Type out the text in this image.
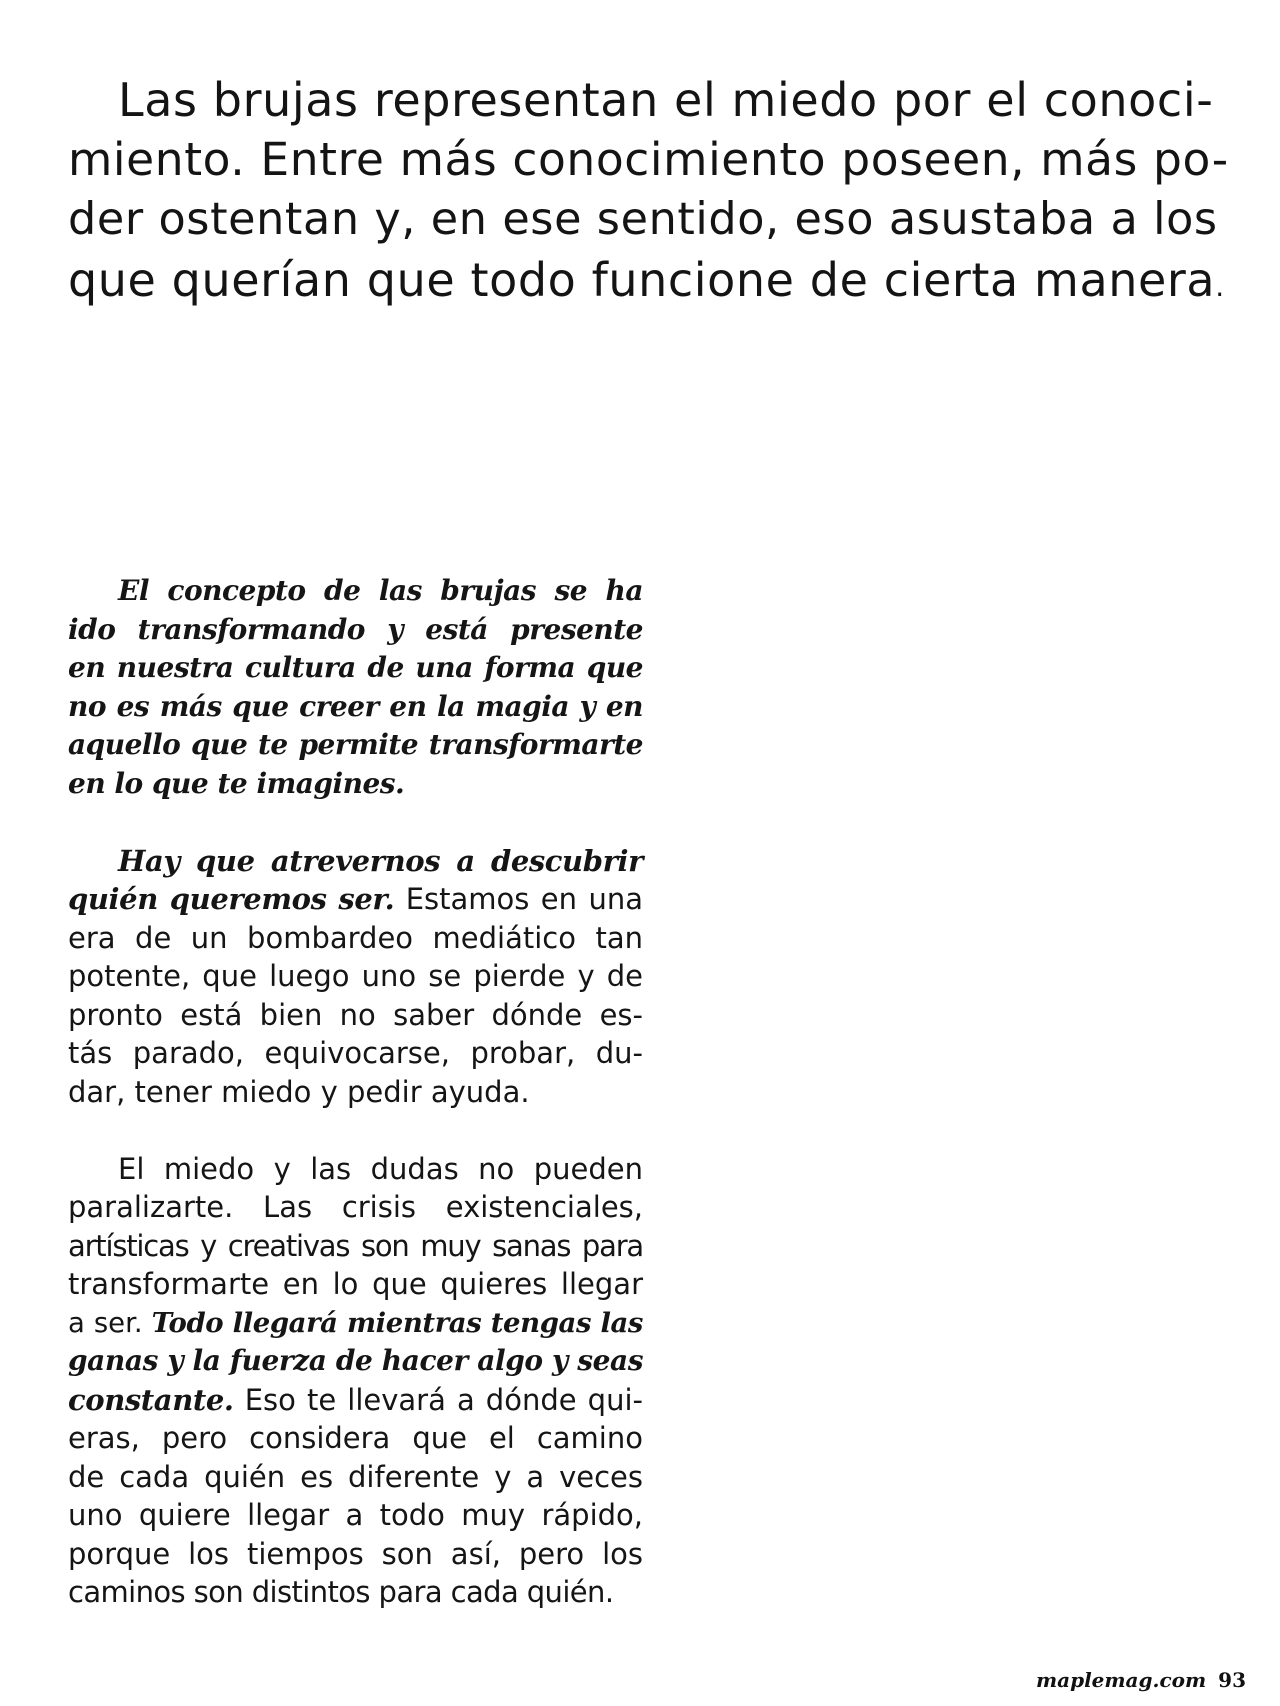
Las brujas representan el miedo por el conoci-
miento. Entre más conocimiento poseen, más po-
der ostentan y, en ese sentido, eso asustaba a los
que querían que todo funcione de cierta manera.
El concepto de las brujas se ha
ido transformando y está presente
en nuestra cultura de una forma que
no es más que creer en la magia y en
aquello que te permite transformarte
en lo que te imagines.
Hay que atrevernos a descubrir
quién queremos ser. Estamos en una
era de un bombardeo mediático tan
potente, que luego uno se pierde y de
pronto está bien no saber dónde es-
tás parado, equivocarse, probar, du-
dar, tener miedo y pedir ayuda.
El miedo y las dudas no pueden
paralizarte. Las crisis existenciales,
artísticas y creativas son muy sanas para
transformarte en lo que quieres llegar
a ser. Todo llegará mientras tengas las
ganas y la fuerza de hacer algo y seas
constante. Eso te llevará a dónde qui-
eras, pero considera que el camino
de cada quién es diferente y a veces
uno quiere llegar a todo muy rápido,
porque los tiempos son así, pero los
caminos son distintos para cada quién.
maplemag.com 93
